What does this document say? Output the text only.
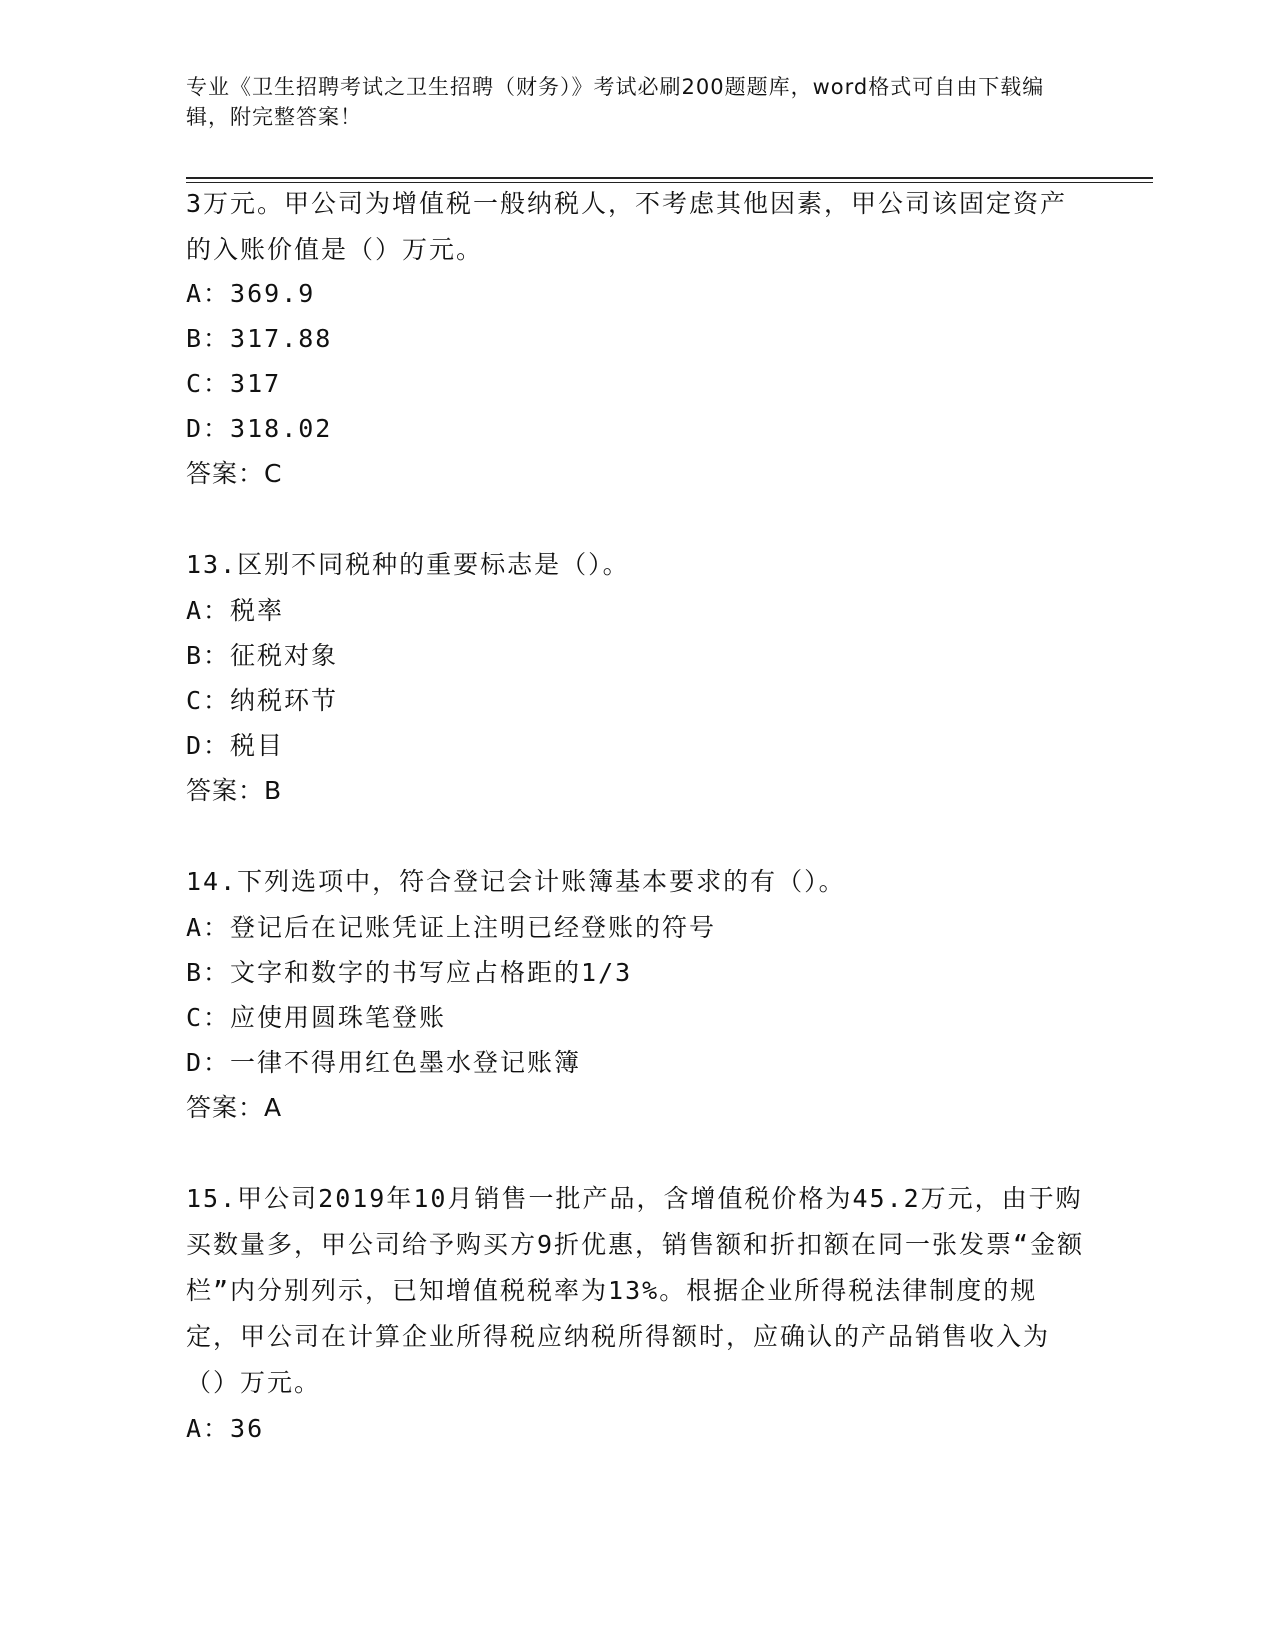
专业《卫生招聘考试之卫生招聘（财务）》考试必刷200题题库，word格式可自由下载编辑，附完整答案！

3万元。甲公司为增值税一般纳税人，不考虑其他因素，甲公司该固定资产的入账价值是（）万元。

A：369.9
B：317.88
C：317
D：318.02
答案：C

13.区别不同税种的重要标志是（）。

A：税率
B：征税对象
C：纳税环节
D：税目
答案：B

14.下列选项中，符合登记会计账簿基本要求的有（）。

A：登记后在记账凭证上注明已经登账的符号
B：文字和数字的书写应占格距的1/3
C：应使用圆珠笔登账
D：一律不得用红色墨水登记账簿
答案：A

15.甲公司2019年10月销售一批产品，含增值税价格为45.2万元，由于购买数量多，甲公司给予购买方9折优惠，销售额和折扣额在同一张发票“金额栏”内分别列示，已知增值税税率为13%。根据企业所得税法律制度的规定，甲公司在计算企业所得税应纳税所得额时，应确认的产品销售收入为（）万元。

A：36
